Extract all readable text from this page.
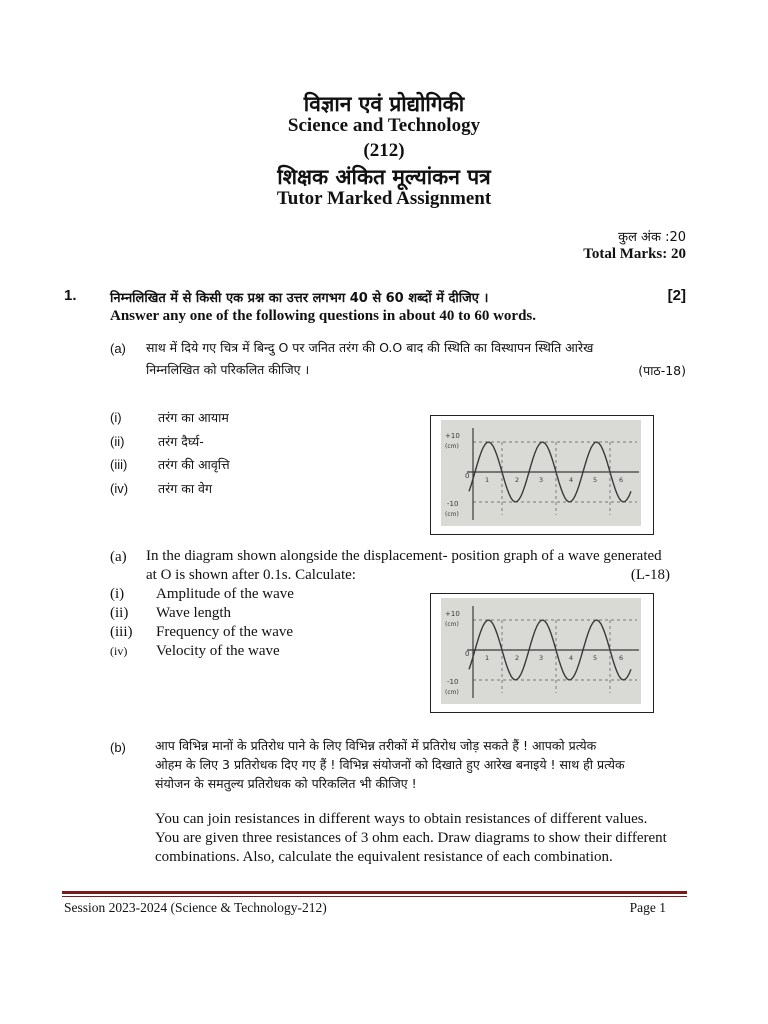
विज्ञान एवं प्रोद्योगिकी
Science and Technology
(212)
शिक्षक अंकित मूल्यांकन पत्र
Tutor Marked Assignment
कुल अंक :20
Total Marks: 20
1.	निम्नलिखित में से किसी एक प्रश्न का उत्तर लगभग 40 से 60 शब्दों में दीजिए ।	[2]
Answer any one of the following questions in about 40 to 60 words.
(a) साथ में दिये गए चित्र में बिन्दु O पर जनित तरंग की O.O बाद की स्थिति का विस्थापन स्थिति आरेख
निम्नलिखित को परिकलित कीजिए ।	(पाठ-18)
(i)	तरंग का आयाम
(ii)	तरंग दैर्घ्य-
(iii) तरंग की आवृत्ति
(iv) तरंग का वेग
+10
(cm)
-10
(cm)
0 1	2	3	4	5	6
(a) In the diagram shown alongside the displacement- position graph of a wave generated
at O is shown after 0.1s. Calculate:	(L-18)
(i) Amplitude of the wave
(ii) Wave length
(iii) Frequency of the wave
(iv) Velocity of the wave
+10
(cm)
-10
(cm)
0 1	2	3	4	5	6
(b) आप विभिन्न मानों के प्रतिरोध पाने के लिए विभिन्न तरीकों में प्रतिरोध जोड़ सकते हैं ! आपको प्रत्येक
ओहम के लिए 3 प्रतिरोधक दिए गए हैं ! विभिन्न संयोजनों को दिखाते हुए आरेख बनाइये ! साथ ही प्रत्येक
संयोजन के समतुल्य प्रतिरोधक को परिकलित भी कीजिए !
You can join resistances in different ways to obtain resistances of different values.
You are given three resistances of 3 ohm each. Draw diagrams to show their different
combinations. Also, calculate the equivalent resistance of each combination.
Session 2023-2024 (Science & Technology-212)	Page 1
